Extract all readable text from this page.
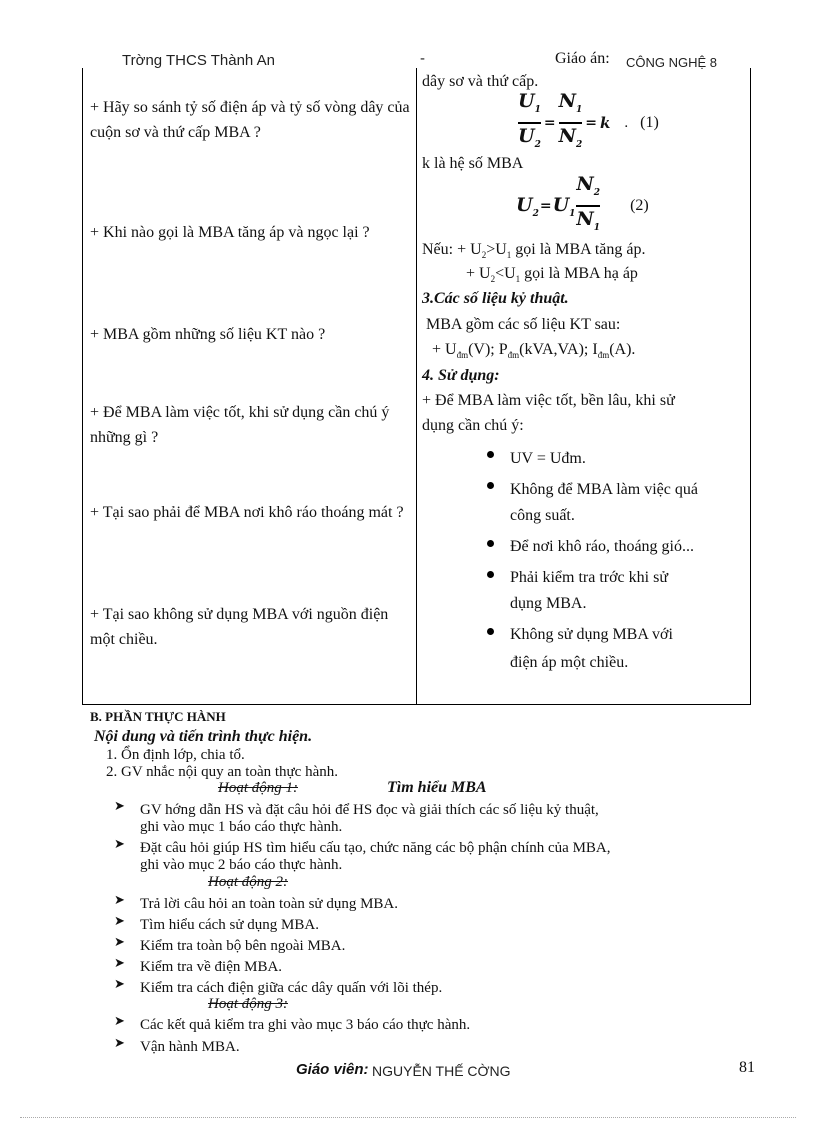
Trờng THCS Thành An	-	Giáo án: CÔNG NGHỆ 8
+ Hãy so sánh tỷ số điện áp và tỷ số vòng dây của cuộn sơ và thứ cấp MBA ?
+ Khi nào gọi là MBA tăng áp và ngọc lại ?
+ MBA gồm những số liệu KT nào ?
+ Để MBA làm việc tốt, khi sử dụng cần chú ý những gì ?
+ Tại sao phải để MBA nơi khô ráo thoáng mát ?
+ Tại sao không sử dụng MBA với nguồn điện một chiều.
dây sơ và thứ cấp.
$\frac{U_1}{U_2} = \frac{N_1}{N_2} = k$ . (1)
k là hệ số MBA
$U_2 = U_1 \frac{N_2}{N_1} (2)$
Nếu: + $U_2>U_1$ gọi là MBA tăng áp.
+ $U_2<U_1$ gọi là MBA hạ áp
3.Các số liệu kỷ thuật.
MBA gồm các số liệu KT sau:
+ $U_{đm}(V)$; $P_{đm}(kVA,VA)$; $I_{đm}(A)$.
4. Sử dụng:
+ Để MBA làm việc tốt, bền lâu, khi sử
dụng cần chú ý:
UV = Uđm.
Không để MBA làm việc quá
công suất.
Để nơi khô ráo, thoáng gió...
Phải kiểm tra trớc khi sử
dụng MBA.
Không sử dụng MBA với
điện áp một chiều.
B. PHẦN THỰC HÀNH
Nội dung và tiến trình thực hiện.
1. Ổn định lớp, chia tổ.
2. GV nhắc nội quy an toàn thực hành.
Hoạt động 1:	Tìm hiểu MBA
➤ GV hớng dẫn HS và đặt câu hỏi để HS đọc và giải thích các số liệu kỷ thuật,
ghi vào mục 1 báo cáo thực hành.
➤ Đặt câu hỏi giúp HS tìm hiểu cấu tạo, chức năng các bộ phận chính của MBA,
ghi vào mục 2 báo cáo thực hành.
Hoạt động 2:
➤ Trả lời câu hỏi an toàn toàn sử dụng MBA.
➤ Tìm hiểu cách sử dụng MBA.
➤ Kiểm tra toàn bộ bên ngoài MBA.
➤ Kiểm tra về điện MBA.
➤ Kiểm tra cách điện giữa các dây quấn với lõi thép.
Hoạt động 3:
➤ Các kết quả kiểm tra ghi vào mục 3 báo cáo thực hành.
➤ Vận hành MBA.
Giáo viên: NGUYỄN THẾ CỜNG	81
